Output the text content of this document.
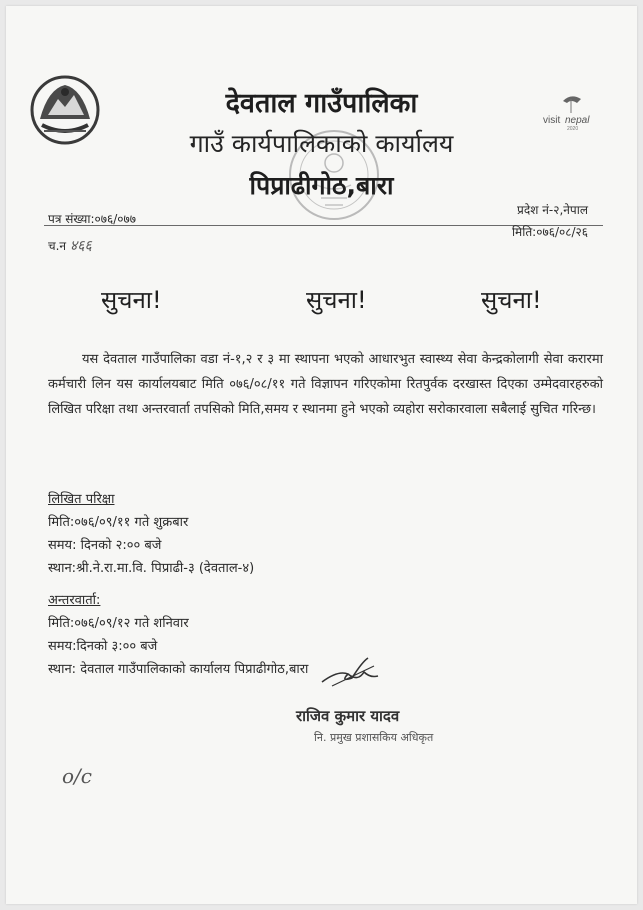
visit nepal
2020
देवताल गाउँपालिका
गाउँ कार्यपालिकाको कार्यालय
पिप्राढीगोठ,बारा
पत्र संख्या:०७६/०७७
प्रदेश नं-२,नेपाल
मिति:०७६/०८/२६
च.न ४६६
सुचना!	सुचना!	सुचना!
यस देवताल गाउँपालिका वडा नं-१,२ र ३ मा स्थापना भएको आधारभुत स्वास्थ्य सेवा केन्द्रकोलागी सेवा करारमा कर्मचारी लिन यस कार्यालयबाट मिति ०७६/०८/११ गते विज्ञापन गरिएकोमा रितपुर्वक दरखास्त दिएका उम्मेदवारहरुको लिखित परिक्षा तथा अन्तरवार्ता तपसिको मिति,समय र स्थानमा हुने भएको व्यहोरा सरोकारवाला सबैलाई सुचित गरिन्छ।
लिखित परिक्षा
मिति:०७६/०९/११ गते शुक्रबार
समय: दिनको २:०० बजे
स्थान:श्री.ने.रा.मा.वि. पिप्राढी-३ (देवताल-४)
अन्तरवार्ता:
मिति:०७६/०९/१२ गते शनिवार
समय:दिनको ३:०० बजे
स्थान: देवताल गाउँपालिकाको कार्यालय पिप्राढीगोठ,बारा
राजिव कुमार यादव
नि. प्रमुख प्रशासकिय अधिकृत
o/c
